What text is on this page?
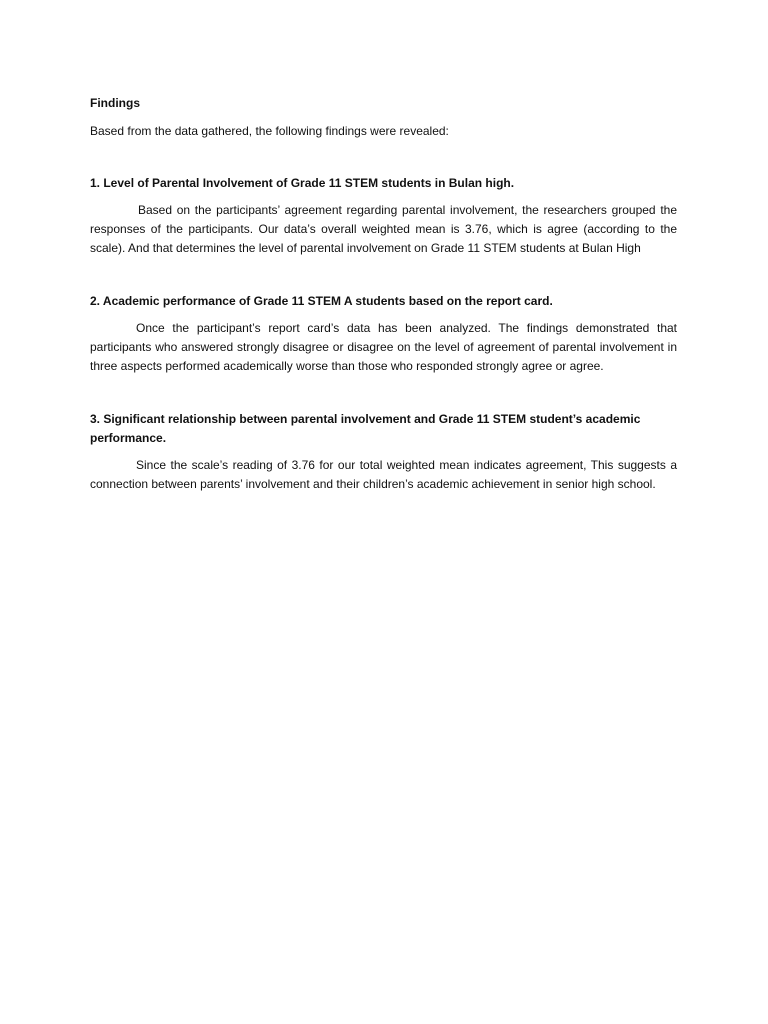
Findings
Based from the data gathered, the following findings were revealed:
1. Level of Parental Involvement of Grade 11 STEM students in Bulan high.
Based on the participants’ agreement regarding parental involvement, the researchers grouped the responses of the participants. Our data’s overall weighted mean is 3.76, which is agree (according to the scale). And that determines the level of parental involvement on Grade 11 STEM students at Bulan High
2. Academic performance of Grade 11 STEM A students based on the report card.
Once the participant’s report card’s data has been analyzed. The findings demonstrated that participants who answered strongly disagree or disagree on the level of agreement of parental involvement in three aspects performed academically worse than those who responded strongly agree or agree.
3. Significant relationship between parental involvement and Grade 11 STEM student’s academic performance.
Since the scale’s reading of 3.76 for our total weighted mean indicates agreement, This suggests a connection between parents’ involvement and their children’s academic achievement in senior high school.
